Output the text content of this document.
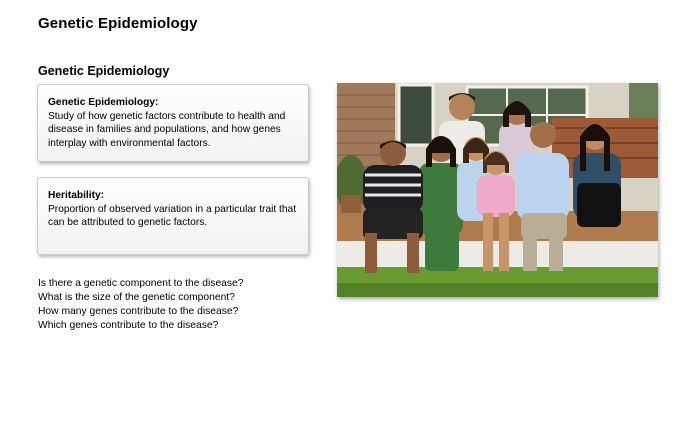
Genetic Epidemiology
Genetic Epidemiology
Genetic Epidemiology:
Study of how genetic factors contribute to health and disease in families and populations, and how genes interplay with environmental factors.
Heritability:
Proportion of observed variation in a particular trait that can be attributed to genetic factors.
Is there a genetic component to the disease?
What is the size of the genetic component?
How many genes contribute to the disease?
Which genes contribute to the disease?
